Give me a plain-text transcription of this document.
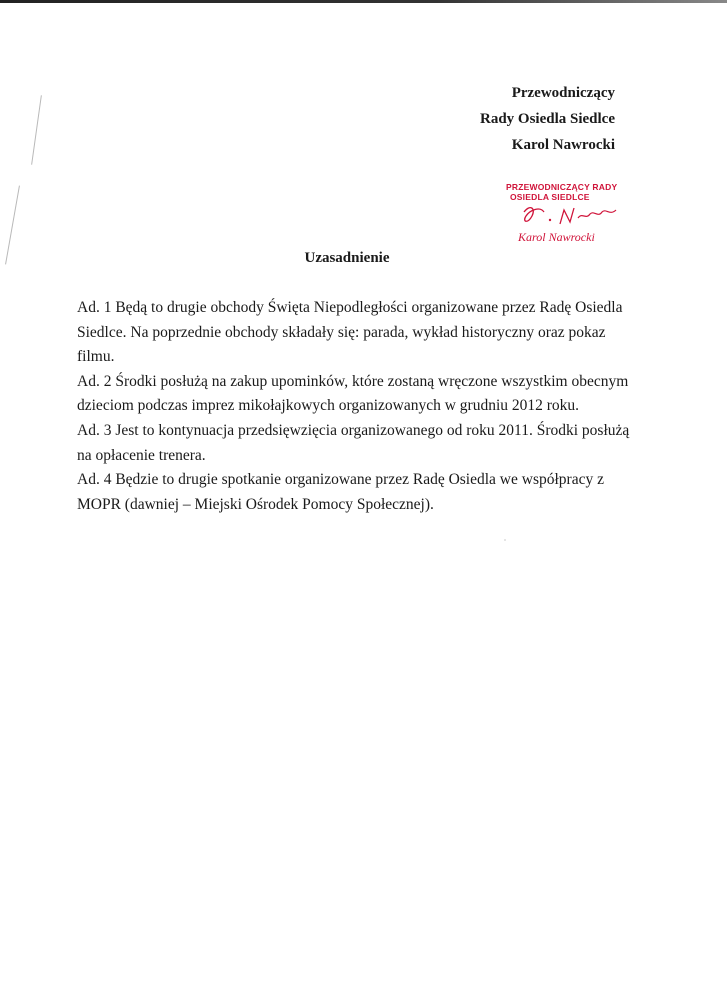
Przewodniczący
Rady Osiedla Siedlce
Karol Nawrocki
PRZEWODNICZĄCY RADY
OSIEDLA SIEDLCE
Karol Nawrocki
Uzasadnienie

Ad. 1 Będą to drugie obchody Święta Niepodległości organizowane przez Radę Osiedla Siedlce. Na poprzednie obchody składały się: parada, wykład historyczny oraz pokaz filmu.

Ad. 2 Środki posłużą na zakup upominków, które zostaną wręczone wszystkim obecnym dzieciom podczas imprez mikołajkowych organizowanych w grudniu 2012 roku.

Ad. 3 Jest to kontynuacja przedsięwzięcia organizowanego od roku 2011. Środki posłużą na opłacenie trenera.

Ad. 4 Będzie to drugie spotkanie organizowane przez Radę Osiedla we współpracy z MOPR (dawniej – Miejski Ośrodek Pomocy Społecznej).
